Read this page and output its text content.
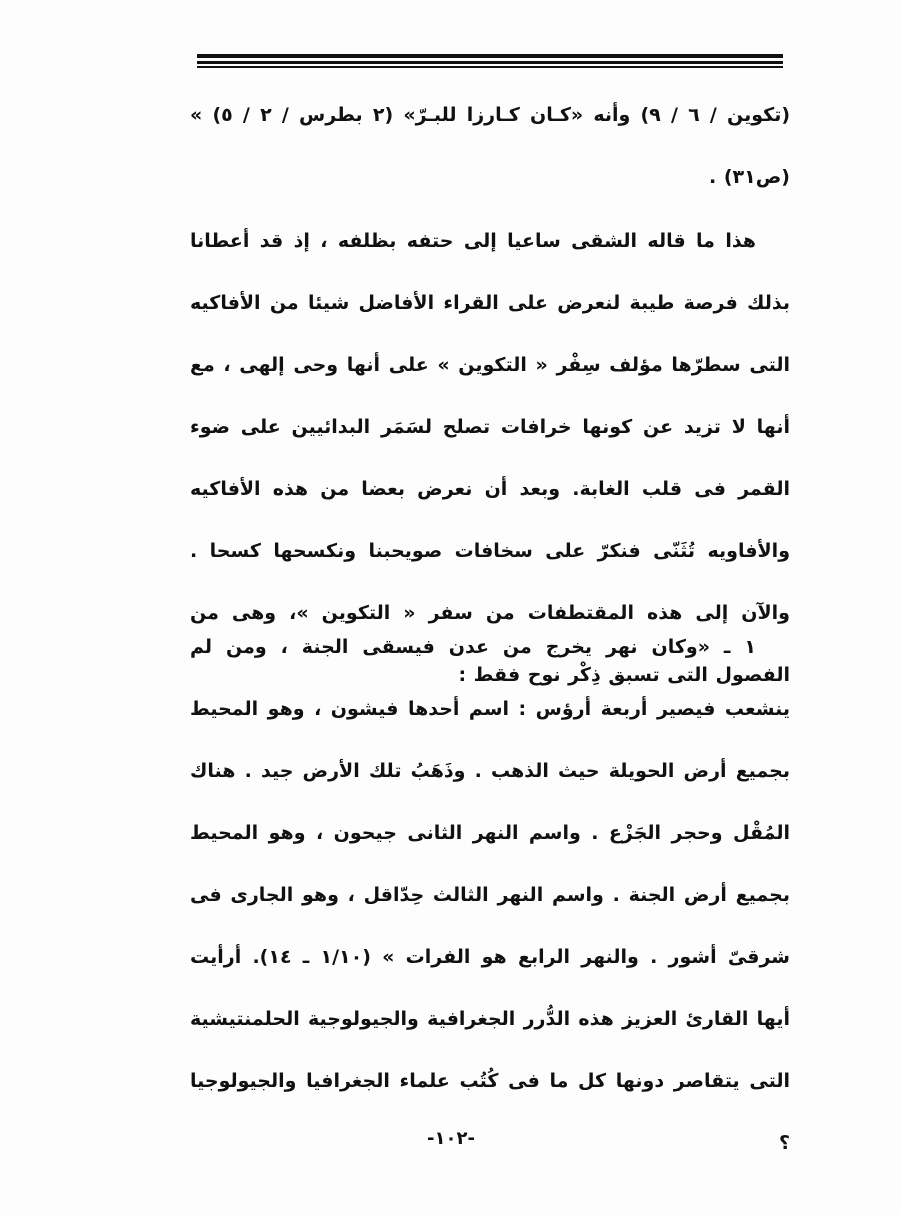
(تكوين / ٦ / ٩) وأنه «كـان كـارزا للبـرّ» (٢ بطرس / ٢ / ٥) » (ص٣١) .

هذا ما قاله الشقى ساعيا إلى حتفه بظلفه ، إذ قد أعطانا بذلك فرصة طيبة لنعرض على القراء الأفاضل شيئا من الأفاكيه التى سطرّها مؤلف سِفْر « التكوين » على أنها وحى إلهى ، مع أنها لا تزيد عن كونها خرافات تصلح لسَمَر البدائيين على ضوء القمر فى قلب الغابة. وبعد أن نعرض بعضا من هذه الأفاكيه والأفاويه تُثَنّى فنكرّ على سخافات صويحبنا ونكسحها كسحا . والآن إلى هذه المقتطفات من سفر « التكوين »، وهى من الفصول التى تسبق ذِكْر نوح فقط :

١ ـ «وكان نهر يخرج من عدن فيسقى الجنة ، ومن لم ينشعب فيصير أربعة أرؤس : اسم أحدها فيشون ، وهو المحيط بجميع أرض الحويلة حيث الذهب . وذَهَبُ تلك الأرض جيد . هناك المُقْل وحجر الجَزْع . واسم النهر الثانى جيحون ، وهو المحيط بجميع أرض الجنة . واسم النهر الثالث حِدّاقل ، وهو الجارى فى شرقىّ أشور . والنهر الرابع هو الفرات » (١/١٠ ـ ١٤). أرأيت أيها القارئ العزيز هذه الدُّرر الجغرافية والجيولوجية الحلمنتيشية التى يتقاصر دونها كل ما فى كُتُب علماء الجغرافيا والجيولوجيا ؟

-١٠٢-
